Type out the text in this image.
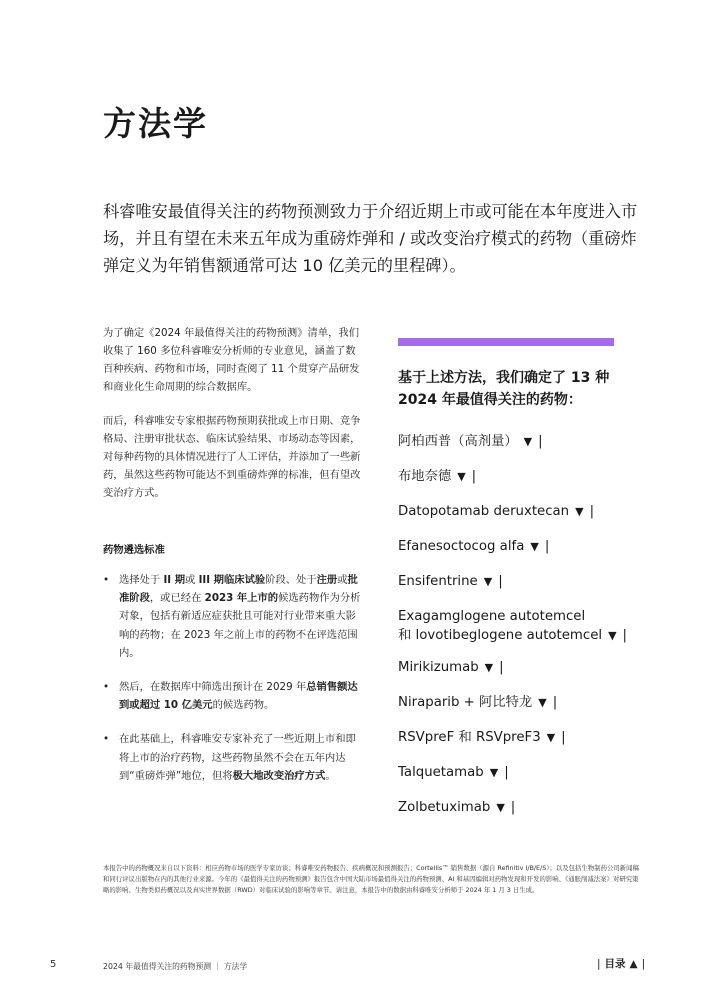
方法学

科睿唯安最值得关注的药物预测致力于介绍近期上市或可能在本年度进入市场，并且有望在未来五年成为重磅炸弹和 / 或改变治疗模式的药物（重磅炸弹定义为年销售额通常可达 10 亿美元的里程碑）。

为了确定《2024 年最值得关注的药物预测》清单，我们收集了 160 多位科睿唯安分析师的专业意见，涵盖了数百种疾病、药物和市场，同时查阅了 11 个贯穿产品研发和商业化生命周期的综合数据库。

而后，科睿唯安专家根据药物预期获批或上市日期、竞争格局、注册审批状态、临床试验结果、市场动态等因素，对每种药物的具体情况进行了人工评估，并添加了一些新药，虽然这些药物可能达不到重磅炸弹的标准，但有望改变治疗方式。

药物遴选标准
• 选择处于 II 期或 III 期临床试验阶段、处于注册或批准阶段，或已经在 2023 年上市的候选药物作为分析对象，包括有新适应症获批且可能对行业带来重大影响的药物；在 2023 年之前上市的药物不在评选范围内。
• 然后，在数据库中筛选出预计在 2029 年总销售额达到或超过 10 亿美元的候选药物。
• 在此基础上，科睿唯安专家补充了一些近期上市和即将上市的治疗药物，这些药物虽然不会在五年内达到“重磅炸弹”地位，但将极大地改变治疗方式。
基于上述方法，我们确定了 13 种 2024 年最值得关注的药物：
阿柏西普（高剂量） ▼ |
布地奈德 ▼ |
Datopotamab deruxtecan ▼ |
Efanesoctocog alfa ▼ |
Ensifentrine ▼ |
Exagamglogene autotemcel
和 lovotibeglogene autotemcel ▼ |
Mirikizumab ▼ |
Niraparib + 阿比特龙 ▼ |
RSVpreF 和 RSVpreF3 ▼ |
Talquetamab ▼ |
Zolbetuximab ▼ |

本报告中的药物概况来自以下资料：相应药物市场的医学专家访谈；科睿唯安药物报告、疾病概况和预测报告；Cortellis™ 销售数据（源自 Refinitiv I/B/E/S）；以及包括生物制药公司新闻稿和同行评议出版物在内的其他行业来源。今年的《最值得关注的药物预测》报告包含中国大陆市场最值得关注的药物预测、AI 和基因编辑对药物发现和开发的影响、《通胀削减法案》对研究策略的影响、生物类似药概况以及真实世界数据（RWD）对临床试验的影响等章节。请注意，本报告中的数据由科睿唯安分析师于 2024 年 1 月 3 日生成。

5	2024 年最值得关注的药物预测 ｜ 方法学	| 目录 ▲ |
